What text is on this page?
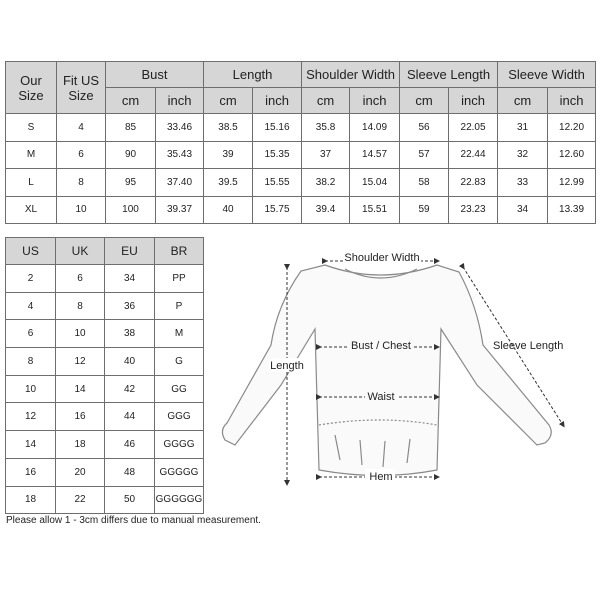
Our Size	Fit US Size	Bust		Length		Shoulder Width		Sleeve Length		Sleeve Width	
		cm	inch	cm	inch	cm	inch	cm	inch	cm	inch
S	4	85	33.46	38.5	15.16	35.8	14.09	56	22.05	31	12.20
M	6	90	35.43	39	15.35	37	14.57	57	22.44	32	12.60
L	8	95	37.40	39.5	15.55	38.2	15.04	58	22.83	33	12.99
XL	10	100	39.37	40	15.75	39.4	15.51	59	23.23	34	13.39
US	UK	EU	BR
2	6	34	PP
4	8	36	P
6	10	38	M
8	12	40	G
10	14	42	GG
12	16	44	GGG
14	18	46	GGGG
16	20	48	GGGGG
18	22	50	GGGGGG
Shoulder Width
Bust / Chest
Waist
Hem
Length
Sleeve Length
Please allow 1 - 3cm differs due to manual measurement.
